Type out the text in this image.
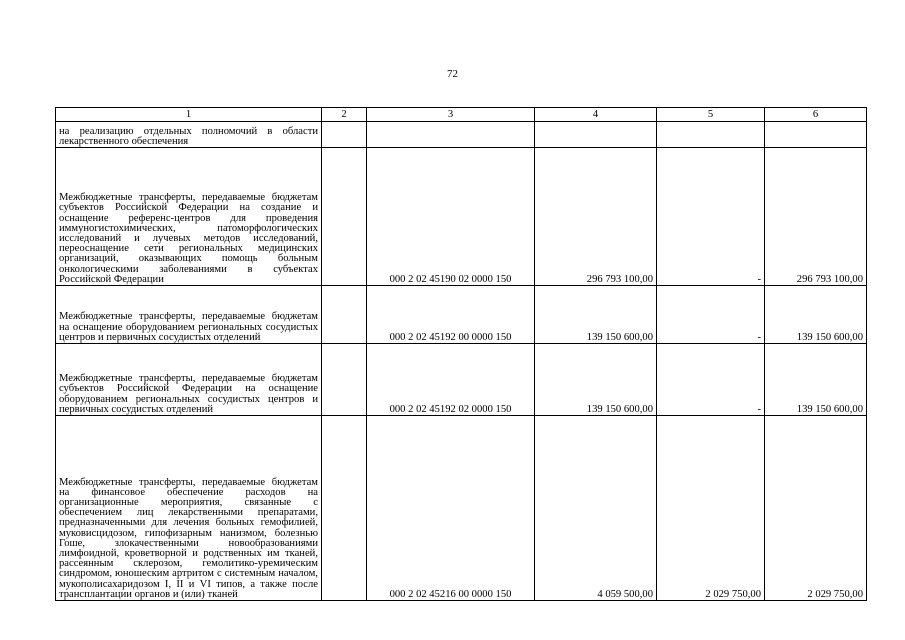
72
1	2	3	4	5	6
на реализацию отдельных полномочий в области лекарственного обеспечения					
Межбюджетные трансферты, передаваемые бюджетам субъектов Российской Федерации на создание и оснащение референс-центров для проведения иммуногистохимических, патоморфологических исследований и лучевых методов исследований, переоснащение сети региональных медицинских организаций, оказывающих помощь больным онкологическими заболеваниями в субъектах Российской Федерации		000 2 02 45190 02 0000 150	296 793 100,00	-	296 793 100,00
Межбюджетные трансферты, передаваемые бюджетам на оснащение оборудованием региональных сосудистых центров и первичных сосудистых отделений		000 2 02 45192 00 0000 150	139 150 600,00	-	139 150 600,00
Межбюджетные трансферты, передаваемые бюджетам субъектов Российской Федерации на оснащение оборудованием региональных сосудистых центров и первичных сосудистых отделений		000 2 02 45192 02 0000 150	139 150 600,00	-	139 150 600,00
Межбюджетные трансферты, передаваемые бюджетам на финансовое обеспечение расходов на организационные мероприятия, связанные с обеспечением лиц лекарственными препаратами, предназначенными для лечения больных гемофилией, муковисцидозом, гипофизарным нанизмом, болезнью Гоше, злокачественными новообразованиями лимфоидной, кроветворной и родственных им тканей, рассеянным склерозом, гемолитико-уремическим синдромом, юношеским артритом с системным началом, мукополисахаридозом I, II и VI типов, а также после трансплантации органов и (или) тканей		000 2 02 45216 00 0000 150	4 059 500,00	2 029 750,00	2 029 750,00
